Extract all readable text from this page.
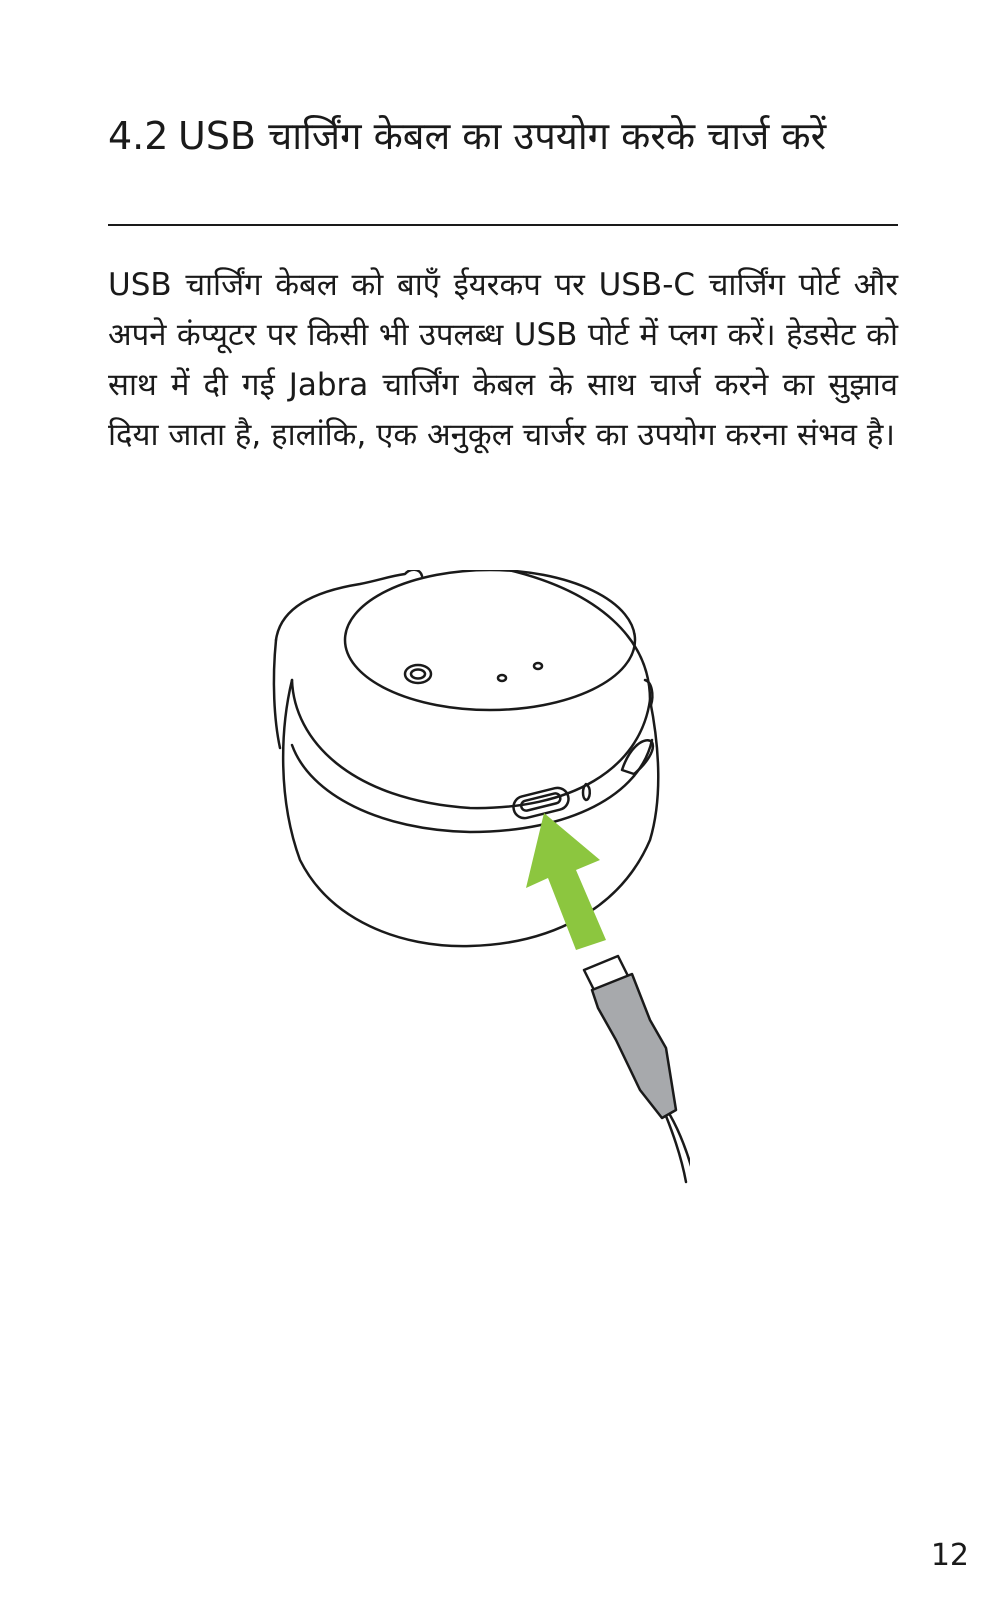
4.2 USB चार्जिंग केबल का उपयोग करके चार्ज करें

USB चार्जिंग केबल को बाएँ ईयरकप पर USB-C चार्जिंग पोर्ट और अपने कंप्यूटर पर किसी भी उपलब्ध USB पोर्ट में प्लग करें। हेडसेट को साथ में दी गई Jabra चार्जिंग केबल के साथ चार्ज करने का सुझाव दिया जाता है, हालांकि, एक अनुकूल चार्जर का उपयोग करना संभव है।

12
